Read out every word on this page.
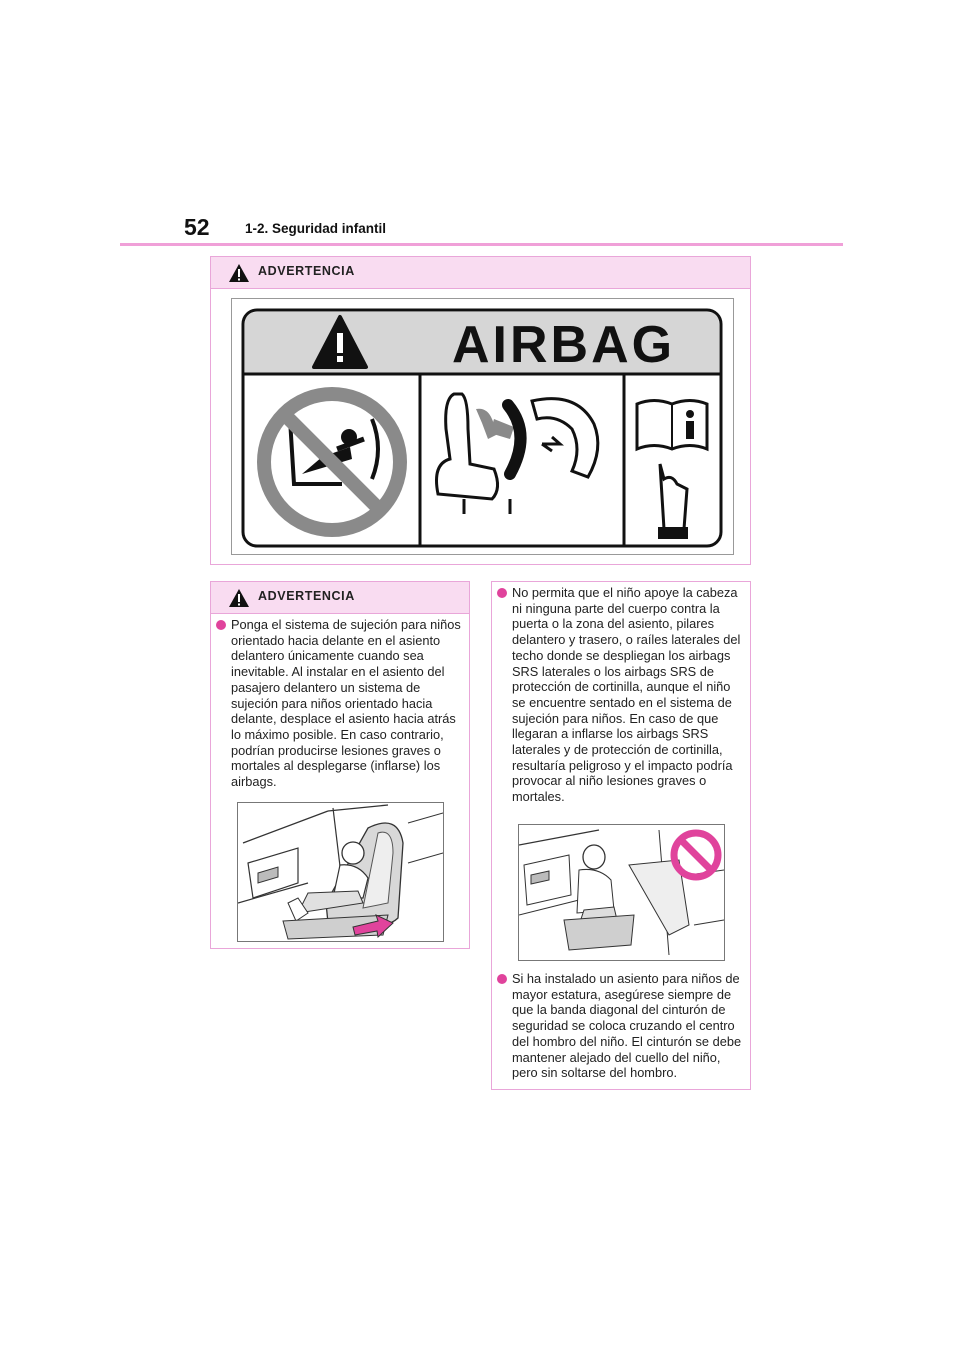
52	1-2. Seguridad infantil
ADVERTENCIA
AIRBAG
ADVERTENCIA
Ponga el sistema de sujeción para niños orientado hacia delante en el asiento delantero únicamente cuando sea inevitable. Al instalar en el asiento del pasajero delantero un sistema de sujeción para niños orientado hacia delante, desplace el asiento hacia atrás lo máximo posible. En caso contrario, podrían producirse lesiones graves o mortales al desplegarse (inflarse) los airbags.
No permita que el niño apoye la cabeza ni ninguna parte del cuerpo contra la puerta o la zona del asiento, pilares delantero y trasero, o raíles laterales del techo donde se despliegan los airbags SRS laterales o los airbags SRS de protección de cortinilla, aunque el niño se encuentre sentado en el sistema de sujeción para niños. En caso de que llegaran a inflarse los airbags SRS laterales y de protección de cortinilla, resultaría peligroso y el impacto podría provocar al niño lesiones graves o mortales.
Si ha instalado un asiento para niños de mayor estatura, asegúrese siempre de que la banda diagonal del cinturón de seguridad se coloca cruzando el centro del hombro del niño. El cinturón se debe mantener alejado del cuello del niño, pero sin soltarse del hombro.
